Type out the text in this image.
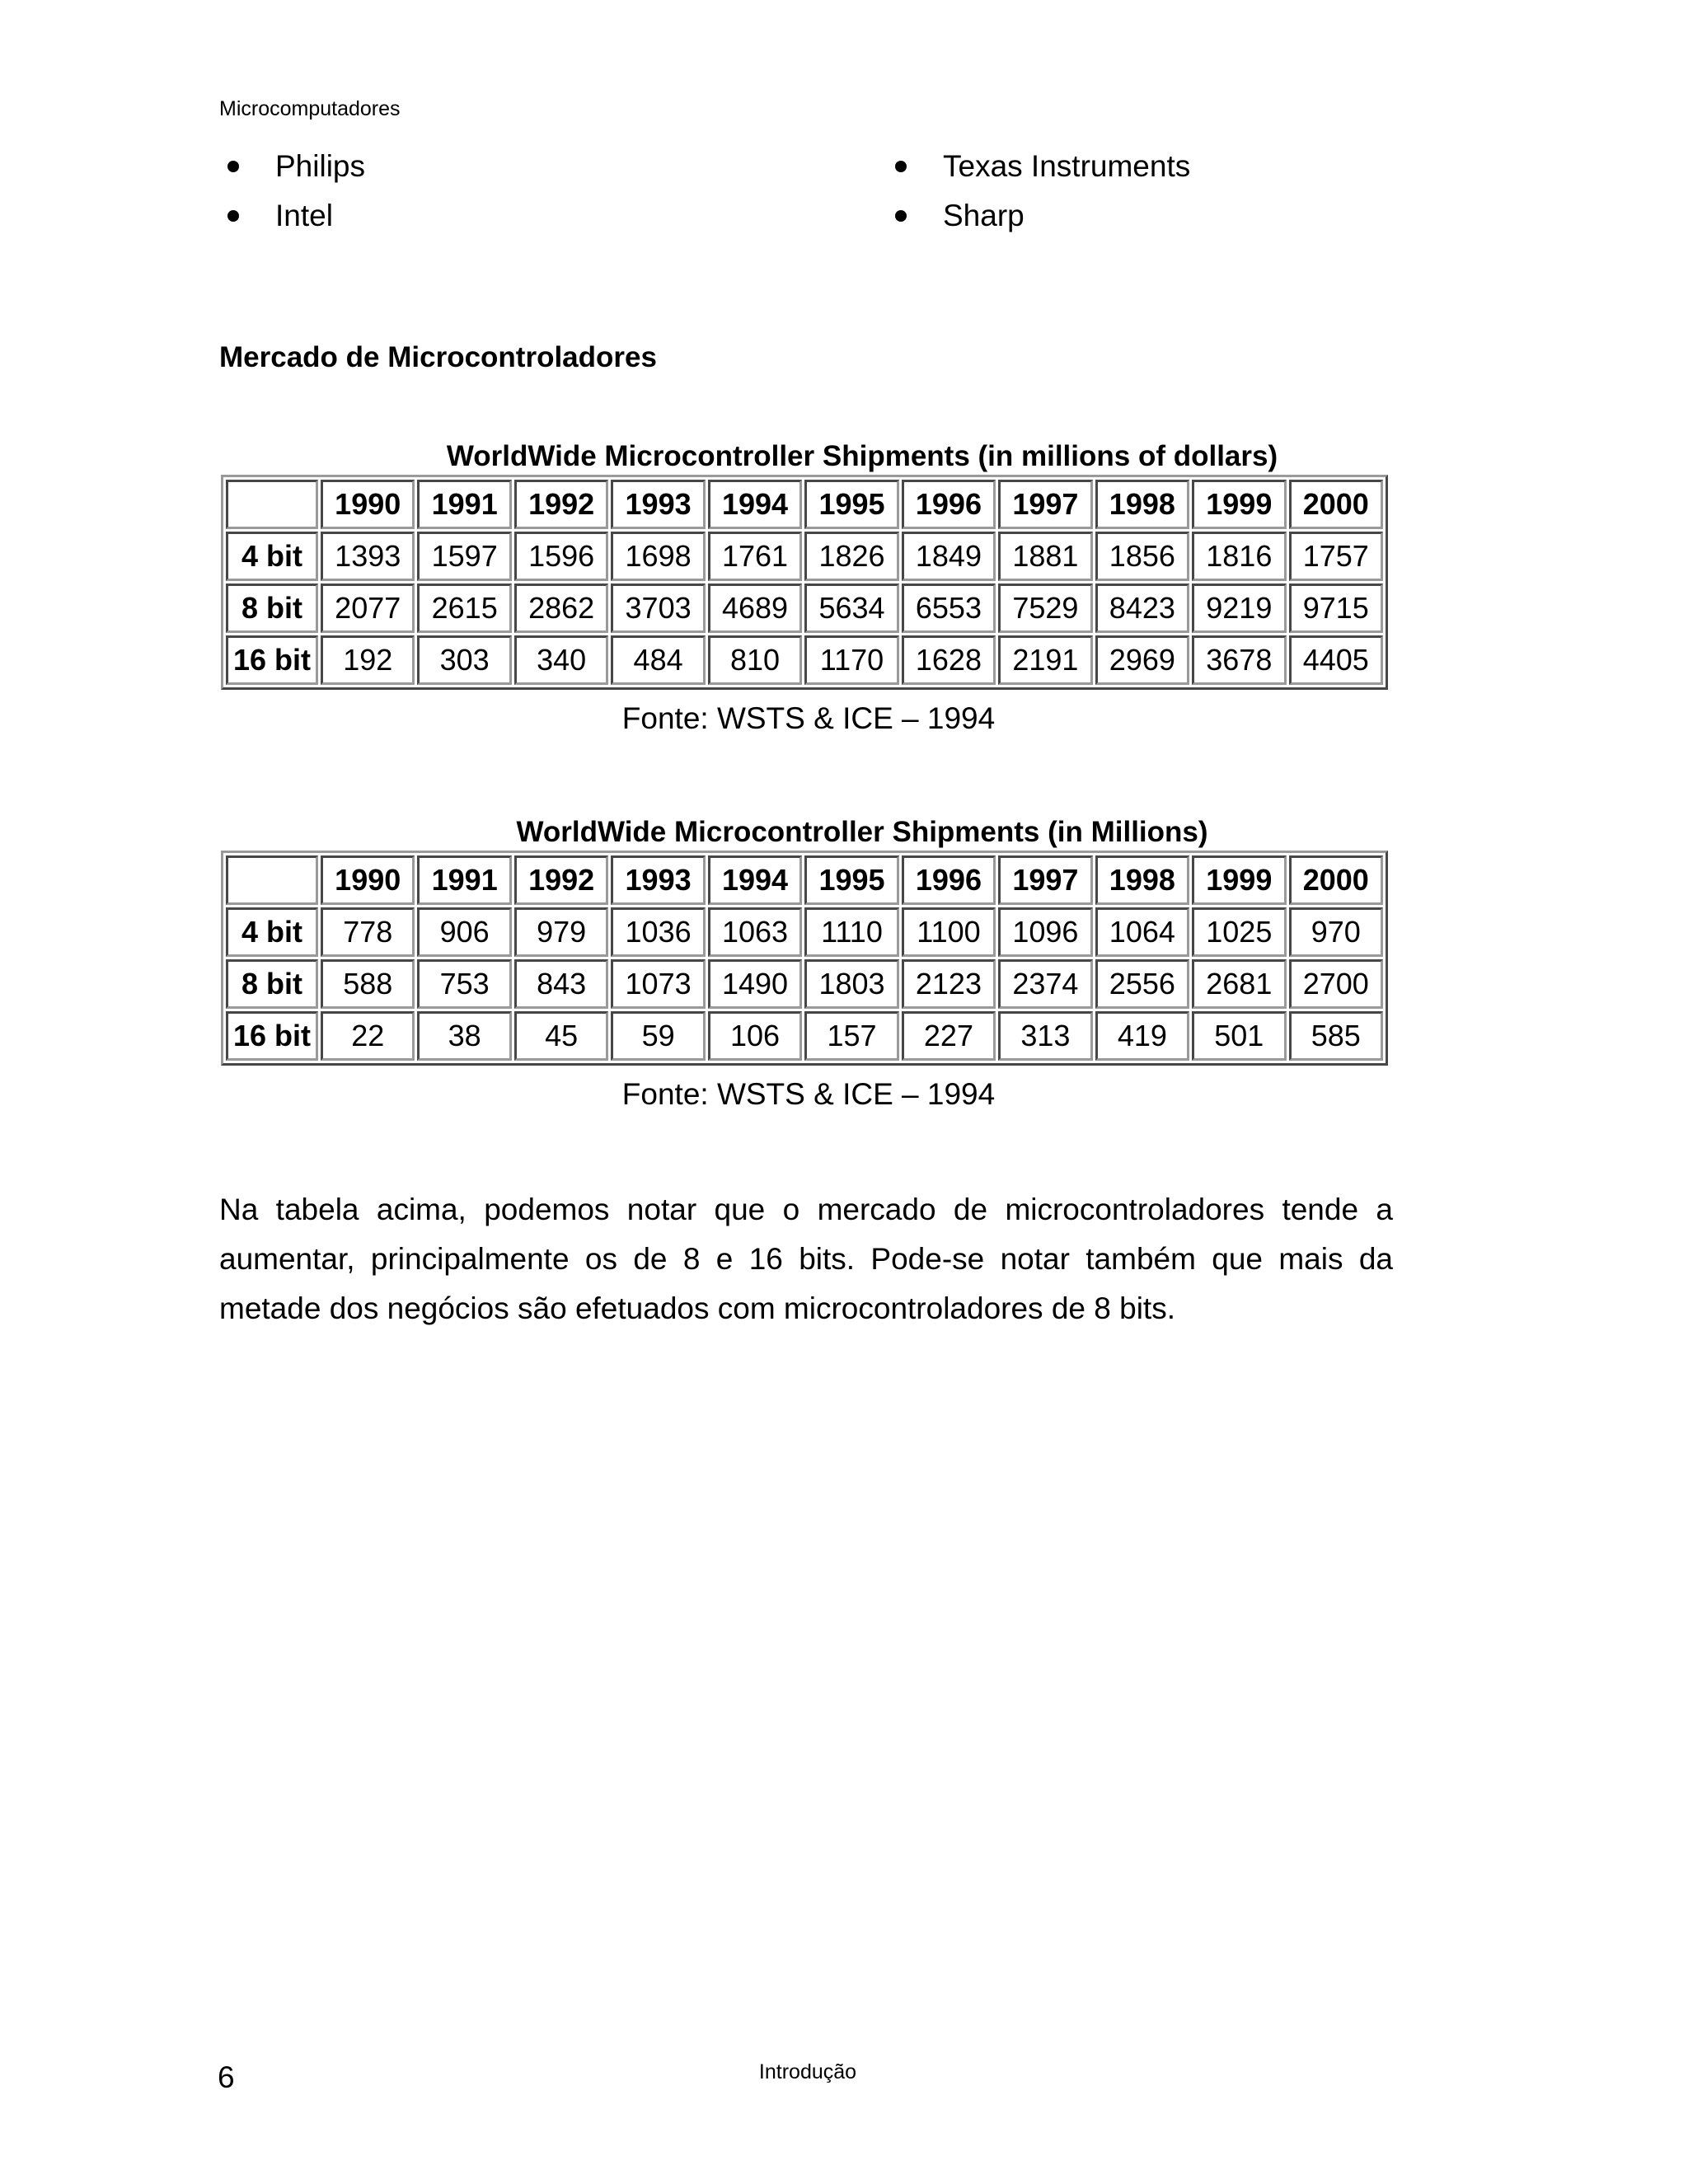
Microcomputadores
Philips
Intel
Texas Instruments
Sharp
Mercado de Microcontroladores
WorldWide Microcontroller Shipments (in millions of dollars)
	1990	1991	1992	1993	1994	1995	1996	1997	1998	1999	2000
4 bit	1393	1597	1596	1698	1761	1826	1849	1881	1856	1816	1757
8 bit	2077	2615	2862	3703	4689	5634	6553	7529	8423	9219	9715
16 bit	192	303	340	484	810	1170	1628	2191	2969	3678	4405
Fonte: WSTS & ICE – 1994
WorldWide Microcontroller Shipments (in Millions)
	1990	1991	1992	1993	1994	1995	1996	1997	1998	1999	2000
4 bit	778	906	979	1036	1063	1110	1100	1096	1064	1025	970
8 bit	588	753	843	1073	1490	1803	2123	2374	2556	2681	2700
16 bit	22	38	45	59	106	157	227	313	419	501	585
Fonte: WSTS & ICE – 1994
Na tabela acima, podemos notar que o mercado de microcontroladores tende a aumentar, principalmente os de 8 e 16 bits. Pode-se notar também que mais da metade dos negócios são efetuados com microcontroladores de 8 bits.
6	Introdução
